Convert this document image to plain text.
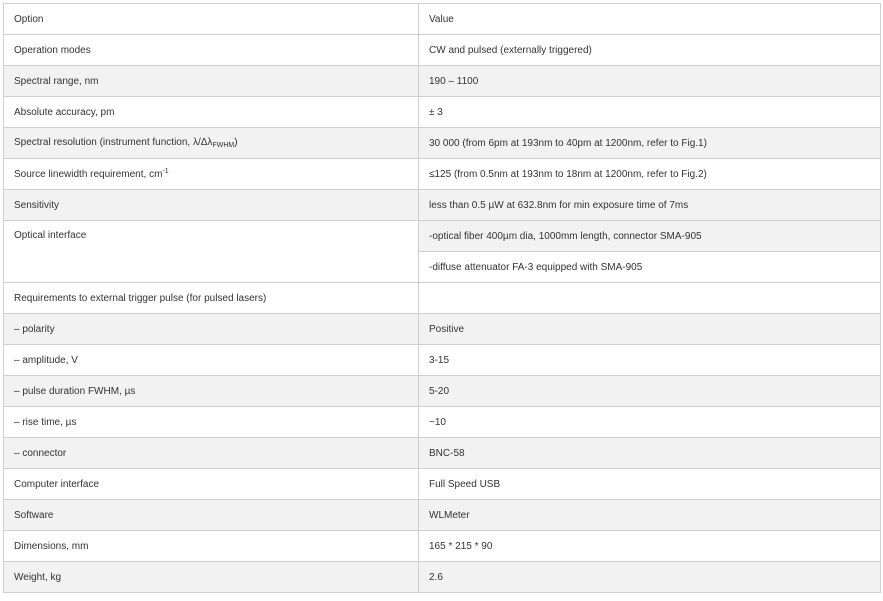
Option	Value
Operation modes	CW and pulsed (externally triggered)
Spectral range, nm	190 – 1100
Absolute accuracy, pm	± 3
Spectral resolution (instrument function, $\lambda/\Delta\lambda_{FWHM}$)	30 000 (from 6pm at 193nm to 40pm at 1200nm, refer to Fig.1)
Source linewidth requirement, $cm^{-1}$	≤125 (from 0.5nm at 193nm to 18nm at 1200nm, refer to Fig.2)
Sensitivity	less than 0.5 µW at 632.8nm for min exposure time of 7ms
Optical interface	-optical fiber 400µm dia, 1000mm length, connector SMA-905
	-diffuse attenuator FA-3 equipped with SMA-905
Requirements to external trigger pulse (for pulsed lasers)	
– polarity	Positive
– amplitude, V	3-15
– pulse duration FWHM, µs	5-20
– rise time, µs	~10
– connector	BNC-58
Computer interface	Full Speed USB
Software	WLMeter
Dimensions, mm	165 * 215 * 90
Weight, kg	2.6
